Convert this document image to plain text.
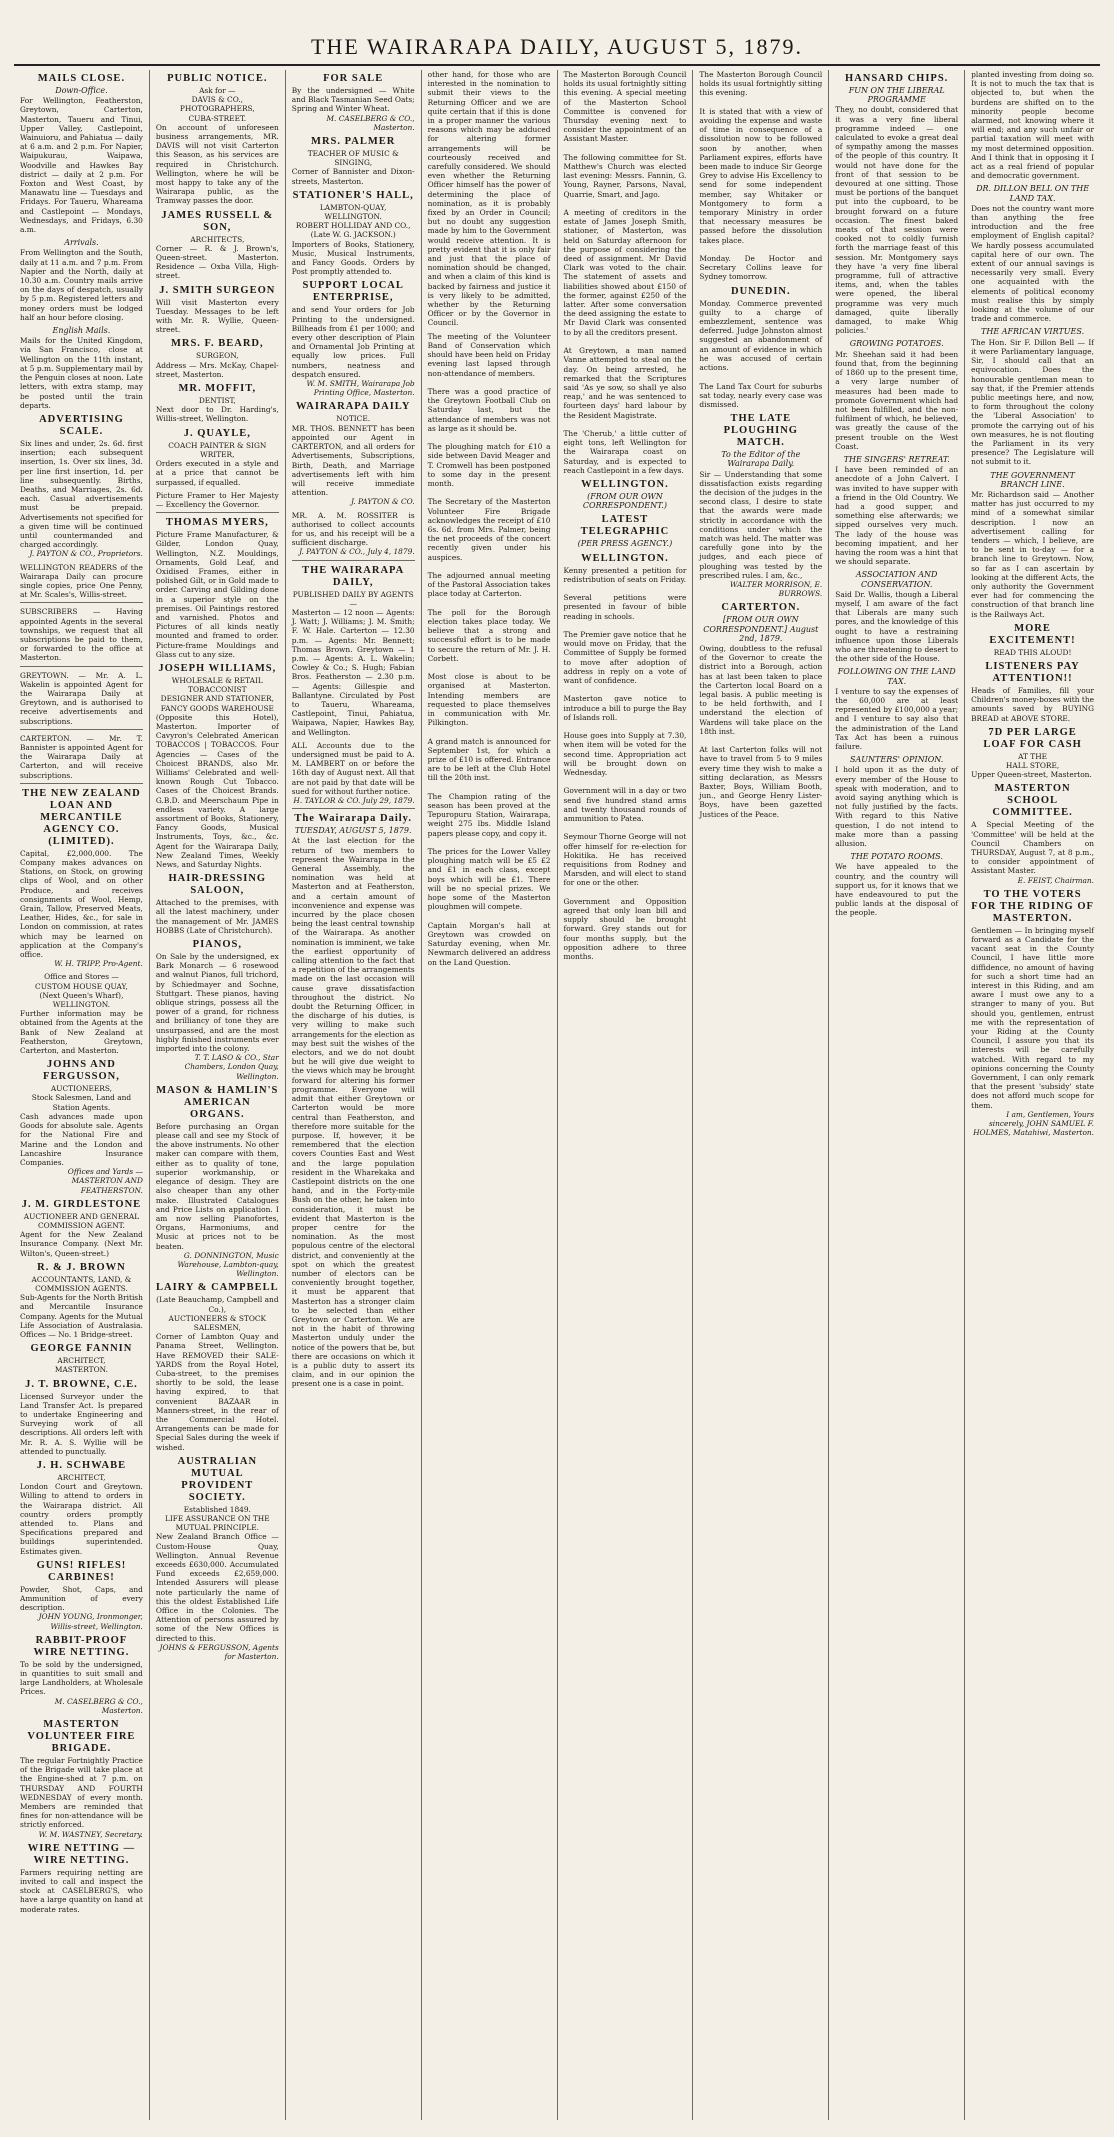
THE WAIRARAPA DAILY, AUGUST 5, 1879.
MAILS CLOSE.
Down-Office.

For Wellington, Featherston, Greytown, Carterton, Masterton, Taueru and Tinui, Upper Valley, Castlepoint, Wainuioru, and Pahiatua — daily at 6 a.m. and 2 p.m. For Napier, Waipukurau, Waipawa, Woodville and Hawkes Bay district — daily at 2 p.m. For Foxton and West Coast, by Manawatu line — Tuesdays and Fridays. For Taueru, Whareama and Castlepoint — Mondays, Wednesdays, and Fridays, 6.30 a.m.

Arrivals.

From Wellington and the South, daily at 11 a.m. and 7 p.m. From Napier and the North, daily at 10.30 a.m. Country mails arrive on the days of despatch, usually by 5 p.m. Registered letters and money orders must be lodged half an hour before closing.

English Mails.

Mails for the United Kingdom, via San Francisco, close at Wellington on the 11th instant, at 5 p.m. Supplementary mail by the Penguin closes at noon. Late letters, with extra stamp, may be posted until the train departs.

ADVERTISING SCALE.

Six lines and under, 2s. 6d. first insertion; each subsequent insertion, 1s. Over six lines, 3d. per line first insertion, 1d. per line subsequently. Births, Deaths, and Marriages, 2s. 6d. each. Casual advertisements must be prepaid. Advertisements not specified for a given time will be continued until countermanded and charged accordingly.

J. PAYTON & CO., Proprietors.

WELLINGTON READERS of the Wairarapa Daily can procure single copies, price One Penny, at Mr. Scales's, Willis-street.

SUBSCRIBERS — Having appointed Agents in the several townships, we request that all subscriptions be paid to them, or forwarded to the office at Masterton.

GREYTOWN. — Mr. A. L. Wakelin is appointed Agent for the Wairarapa Daily at Greytown, and is authorised to receive advertisements and subscriptions.

CARTERTON. — Mr. T. Bannister is appointed Agent for the Wairarapa Daily at Carterton, and will receive subscriptions.

THE NEW ZEALAND LOAN AND MERCANTILE AGENCY CO. (LIMITED).

Capital, £2,000,000. The Company makes advances on Stations, on Stock, on growing clips of Wool, and on other Produce, and receives consignments of Wool, Hemp, Grain, Tallow, Preserved Meats, Leather, Hides, &c., for sale in London on commission, at rates which may be learned on application at the Company's office.

W. H. TRIPP, Pro-Agent.

Office and Stores —
CUSTOM HOUSE QUAY,
(Next Queen's Wharf),
WELLINGTON.

Further information may be obtained from the Agents at the Bank of New Zealand at Featherston, Greytown, Carterton, and Masterton.

JOHNS AND FERGUSSON,

AUCTIONEERS,
Stock Salesmen, Land and Station Agents.

Cash advances made upon Goods for absolute sale. Agents for the National Fire and Marine and the London and Lancashire Insurance Companies.

Offices and Yards — MASTERTON AND FEATHERSTON.

J. M. GIRDLESTONE

AUCTIONEER AND GENERAL COMMISSION AGENT.

Agent for the New Zealand Insurance Company. (Next Mr. Wilton's, Queen-street.)

R. & J. BROWN

ACCOUNTANTS, LAND, & COMMISSION AGENTS.

Sub-Agents for the North British and Mercantile Insurance Company. Agents for the Mutual Life Association of Australasia. Offices — No. 1 Bridge-street.

GEORGE FANNIN

ARCHITECT,
MASTERTON.

J. T. BROWNE, C.E.

Licensed Surveyor under the Land Transfer Act. Is prepared to undertake Engineering and Surveying work of all descriptions. All orders left with Mr. R. A. S. Wyllie will be attended to punctually.

J. H. SCHWABE

ARCHITECT,

London Court and Greytown. Willing to attend to orders in the Wairarapa district. All country orders promptly attended to. Plans and Specifications prepared and buildings superintended. Estimates given.

GUNS! RIFLES! CARBINES!

Powder, Shot, Caps, and Ammunition of every description.

JOHN YOUNG, Ironmonger, Willis-street, Wellington.

RABBIT-PROOF WIRE NETTING.

To be sold by the undersigned, in quantities to suit small and large Landholders, at Wholesale Prices.

M. CASELBERG & CO., Masterton.

MASTERTON VOLUNTEER FIRE BRIGADE.

The regular Fortnightly Practice of the Brigade will take place at the Engine-shed at 7 p.m. on THURSDAY AND FOURTH WEDNESDAY of every month. Members are reminded that fines for non-attendance will be strictly enforced.

W. M. WASTNEY, Secretary.

WIRE NETTING — WIRE NETTING.

Farmers requiring netting are invited to call and inspect the stock at CASELBERG'S, who have a large quantity on hand at moderate rates.

PUBLIC NOTICE.

Ask for —
DAVIS & CO., PHOTOGRAPHERS,
CUBA-STREET.

On account of unforeseen business arrangements, MR. DAVIS will not visit Carterton this Season, as his services are required in Christchurch. Wellington, where he will be most happy to take any of the Wairarapa public, as the Tramway passes the door.

JAMES RUSSELL & SON,

ARCHITECTS,

Corner — R. & J. Brown's, Queen-street. Masterton. Residence — Oxba Villa, High-street.

J. SMITH SURGEON

Will visit Masterton every Tuesday. Messages to be left with Mr. R. Wyllie, Queen-street.

MRS. F. BEARD,

SURGEON,

Address — Mrs. McKay, Chapel-street, Masterton.

MR. MOFFIT,

DENTIST,

Next door to Dr. Harding's, Willis-street, Wellington.

J. QUAYLE,

COACH PAINTER & SIGN WRITER,

Orders executed in a style and at a price that cannot be surpassed, if equalled.

Picture Framer to Her Majesty — Excellency the Governor.

THOMAS MYERS,

Picture Frame Manufacturer, & Gilder, London Quay, Wellington, N.Z. Mouldings, Ornaments, Gold Leaf, and Oxidised Frames, either in polished Gilt, or in Gold made to order. Carving and Gilding done in a superior style on the premises. Oil Paintings restored and varnished. Photos and Pictures of all kinds neatly mounted and framed to order. Picture-frame Mouldings and Glass cut to any size.

JOSEPH WILLIAMS,

WHOLESALE & RETAIL TOBACCONIST
DESIGNER AND STATIONER,
FANCY GOODS WAREHOUSE

(Opposite this Hotel), Masterton. Importer of Cavyron's Celebrated American TOBACCOS | TOBACCOS. Four Agencies — Cases of the Choicest BRANDS, also Mr. Williams' Celebrated and well-known Rough Cut Tobacco. Cases of the Choicest Brands. G.B.D. and Meerschaum Pipe in endless variety. A large assortment of Books, Stationery, Fancy Goods, Musical Instruments, Toys, &c., &c. Agent for the Wairarapa Daily, New Zealand Times, Weekly News, and Saturday Nights.

HAIR-DRESSING SALOON,

Attached to the premises, with all the latest machinery, under the management of Mr. JAMES HOBBS (Late of Christchurch).

PIANOS,

On Sale by the undersigned, ex Bark Monarch — 6 rosewood and walnut Pianos, full trichord, by Schiedmayer and Sochne, Stuttgart. These pianos, having oblique strings, possess all the power of a grand, for richness and brilliancy of tone they are unsurpassed, and are the most highly finished instruments ever imported into the colony.

T. T. LASO & CO., Star Chambers, London Quay, Wellington.

MASON & HAMLIN'S AMERICAN ORGANS.

Before purchasing an Organ please call and see my Stock of the above instruments. No other maker can compare with them, either as to quality of tone, superior workmanship, or elegance of design. They are also cheaper than any other make. Illustrated Catalogues and Price Lists on application. I am now selling Pianofortes, Organs, Harmoniums, and Music at prices not to be beaten.

G. DONNINGTON, Music Warehouse, Lambton-quay, Wellington.

LAIRY & CAMPBELL

(Late Beauchamp, Campbell and Co.),
AUCTIONEERS & STOCK SALESMEN,

Corner of Lambton Quay and Panama Street, Wellington. Have REMOVED their SALE-YARDS from the Royal Hotel, Cuba-street, to the premises shortly to be sold, the lease having expired, to that convenient BAZAAR in Manners-street, in the rear of the Commercial Hotel. Arrangements can be made for Special Sales during the week if wished.

AUSTRALIAN MUTUAL PROVIDENT SOCIETY.

Established 1849.
LIFE ASSURANCE ON THE MUTUAL PRINCIPLE.

New Zealand Branch Office — Custom-House Quay, Wellington. Annual Revenue exceeds £630,000. Accumulated Fund exceeds £2,659,000. Intended Assurers will please note particularly the name of this the oldest Established Life Office in the Colonies. The Attention of persons assured by some of the New Offices is directed to this.

JOHNS & FERGUSSON, Agents for Masterton.

FOR SALE

By the undersigned — White and Black Tasmanian Seed Oats; Spring and Winter Wheat.

M. CASELBERG & CO., Masterton.

MRS. PALMER

TEACHER OF MUSIC & SINGING,

Corner of Bannister and Dixon-streets, Masterton.

STATIONER'S HALL,

LAMBTON-QUAY, WELLINGTON.
ROBERT HOLLIDAY AND CO.,
(Late W. G. JACKSON.)

Importers of Books, Stationery, Music, Musical Instruments, and Fancy Goods. Orders by Post promptly attended to.

SUPPORT LOCAL ENTERPRISE,

and send Your orders for Job Printing to the undersigned. Billheads from £1 per 1000; and every other description of Plain and Ornamental Job Printing at equally low prices. Full numbers, neatness and despatch ensured.

W. M. SMITH, Wairarapa Job Printing Office, Masterton.

WAIRARAPA DAILY

NOTICE.

MR. THOS. BENNETT has been appointed our Agent in CARTERTON, and all orders for Advertisements, Subscriptions, Birth, Death, and Marriage advertisements left with him will receive immediate attention.

J. PAYTON & CO.

MR. A. M. ROSSITER is authorised to collect accounts for us, and his receipt will be a sufficient discharge.

J. PAYTON & CO., July 4, 1879.

THE WAIRARAPA DAILY,

PUBLISHED DAILY BY AGENTS —

Masterton — 12 noon — Agents: J. Watt; J. Williams; J. M. Smith; F. W. Hale. Carterton — 12.30 p.m. — Agents: Mr. Bennett; Thomas Brown. Greytown — 1 p.m. — Agents: A. L. Wakelin; Cowley & Co.; S. Hugh; Fabian Bros. Featherston — 2.30 p.m. — Agents: Gillespie and Ballantyne. Circulated by Post to Taueru, Whareama, Castlepoint, Tinui, Pahiatua, Waipawa, Napier, Hawkes Bay, and Wellington.

ALL Accounts due to the undersigned must be paid to A. M. LAMBERT on or before the 16th day of August next. All that are not paid by that date will be sued for without further notice.

H. TAYLOR & CO. July 29, 1879.

The Wairarapa Daily.
TUESDAY, AUGUST 5, 1879.

At the last election for the return of two members to represent the Wairarapa in the General Assembly, the nomination was held at Masterton and at Featherston, and a certain amount of inconvenience and expense was incurred by the place chosen being the least central township of the Wairarapa. As another nomination is imminent, we take the earliest opportunity of calling attention to the fact that a repetition of the arrangements made on the last occasion will cause grave dissatisfaction throughout the district. No doubt the Returning Officer, in the discharge of his duties, is very willing to make such arrangements for the election as may best suit the wishes of the electors, and we do not doubt but he will give due weight to the views which may be brought forward for altering his former programme. Everyone will admit that either Greytown or Carterton would be more central than Featherston, and therefore more suitable for the purpose. If, however, it be remembered that the election covers Counties East and West and the large population resident in the Wharekaka and Castlepoint districts on the one hand, and in the Forty-mile Bush on the other, he taken into consideration, it must be evident that Masterton is the proper centre for the nomination. As the most populous centre of the electoral district, and conveniently at the spot on which the greatest number of electors can be conveniently brought together, it must be apparent that Masterton has a stronger claim to be selected than either Greytown or Carterton. We are not in the habit of throwing Masterton unduly under the notice of the powers that be, but there are occasions on which it is a public duty to assert its claim, and in our opinion the present one is a case in point.

other hand, for those who are interested in the nomination to submit their views to the Returning Officer and we are quite certain that if this is done in a proper manner the various reasons which may be adduced for altering former arrangements will be courteously received and carefully considered. We should even whether the Returning Officer himself has the power of determining the place of nomination, as it is probably fixed by an Order in Council; but no doubt any suggestion made by him to the Government would receive attention. It is pretty evident that it is only fair and just that the place of nomination should be changed, and when a claim of this kind is backed by fairness and justice it is very likely to be admitted, whether by the Returning Officer or by the Governor in Council.

The meeting of the Volunteer Band of Conservation which should have been held on Friday evening last lapsed through non-attendance of members.

There was a good practice of the Greytown Football Club on Saturday last, but the attendance of members was not as large as it should be.

The ploughing match for £10 a side between David Meager and T. Cromwell has been postponed to some day in the present month.

The Secretary of the Masterton Volunteer Fire Brigade acknowledges the receipt of £10 6s. 6d. from Mrs. Palmer, being the net proceeds of the concert recently given under his auspices.

The adjourned annual meeting of the Pastoral Association takes place today at Carterton.

The poll for the Borough election takes place today. We believe that a strong and successful effort is to be made to secure the return of Mr. J. H. Corbett.

Most close is about to be organised at Masterton. Intending members are requested to place themselves in communication with Mr. Pilkington.

A grand match is announced for September 1st, for which a prize of £10 is offered. Entrance are to be left at the Club Hotel till the 20th inst.

The Champion rating of the season has been proved at the Tepuropuru Station, Wairarapa, weight 275 lbs. Middle Island papers please copy, and copy it.

The prices for the Lower Valley ploughing match will be £5 £2 and £1 in each class, except boys which will be £1. There will be no special prizes. We hope some of the Masterton ploughmen will compete.

Captain Morgan's hall at Greytown was crowded on Saturday evening, when Mr. Newmarch delivered an address on the Land Question.

The Masterton Borough Council holds its usual fortnightly sitting this evening. A special meeting of the Masterton School Committee is convened for Thursday evening next to consider the appointment of an Assistant Master.

The following committee for St. Matthew's Church was elected last evening: Messrs. Fannin, G. Young, Rayner, Parsons, Naval, Quarrie, Smart, and Jago.

A meeting of creditors in the estate of James Joseph Smith, stationer, of Masterton, was held on Saturday afternoon for the purpose of considering the deed of assignment. Mr David Clark was voted to the chair. The statement of assets and liabilities showed about £150 of the former, against £250 of the latter. After some conversation the deed assigning the estate to Mr David Clark was consented to by all the creditors present.

At Greytown, a man named Vanne attempted to steal on the day. On being arrested, he remarked that the Scriptures said 'As ye sow, so shall ye also reap,' and he was sentenced to fourteen days' hard labour by the Resident Magistrate.

The 'Cherub,' a little cutter of eight tons, left Wellington for the Wairarapa coast on Saturday, and is expected to reach Castlepoint in a few days.

WELLINGTON.
(FROM OUR OWN CORRESPONDENT.)
LATEST TELEGRAPHIC
(PER PRESS AGENCY.)
WELLINGTON.

Kenny presented a petition for redistribution of seats on Friday.

Several petitions were presented in favour of bible reading in schools.

The Premier gave notice that he would move on Friday, that the Committee of Supply be formed to move after adoption of address in reply on a vote of want of confidence.

Masterton gave notice to introduce a bill to purge the Bay of Islands roll.

House goes into Supply at 7.30, when item will be voted for the second time. Appropriation act will be brought down on Wednesday.

Government will in a day or two send five hundred stand arms and twenty thousand rounds of ammunition to Patea.

Seymour Thorne George will not offer himself for re-election for Hokitika. He has received requisitions from Rodney and Marsden, and will elect to stand for one or the other.

Government and Opposition agreed that only loan bill and supply should be brought forward. Grey stands out for four months supply, but the opposition adhere to three months.

The Masterton Borough Council holds its usual fortnightly sitting this evening.

It is stated that with a view of avoiding the expense and waste of time in consequence of a dissolution now to be followed soon by another, when Parliament expires, efforts have been made to induce Sir George Grey to advise His Excellency to send for some independent member, say Whitaker or Montgomery to form a temporary Ministry in order that necessary measures be passed before the dissolution takes place.

Monday. De Hoctor and Secretary Collins leave for Sydney tomorrow.

DUNEDIN.

Monday. Commerce prevented guilty to a charge of embezzlement, sentence was deferred. Judge Johnston almost suggested an abandonment of an amount of evidence in which he was accused of certain actions.

The Land Tax Court for suburbs sat today, nearly every case was dismissed.

THE LATE PLOUGHING MATCH.
To the Editor of the Wairarapa Daily.

Sir — Understanding that some dissatisfaction exists regarding the decision of the judges in the second class, I desire to state that the awards were made strictly in accordance with the conditions under which the match was held. The matter was carefully gone into by the judges, and each piece of ploughing was tested by the prescribed rules. I am, &c.,

WALTER MORRISON, E. BURROWS.

CARTERTON.
[FROM OUR OWN CORRESPONDENT.] August 2nd, 1879.

Owing, doubtless to the refusal of the Governor to create the district into a Borough, action has at last been taken to place the Carterton local Board on a legal basis. A public meeting is to be held forthwith, and I understand the election of Wardens will take place on the 18th inst.

At last Carterton folks will not have to travel from 5 to 9 miles every time they wish to make a sitting declaration, as Messrs Baxter, Boys, William Booth, jun., and George Henry Lister-Boys, have been gazetted Justices of the Peace.

HANSARD CHIPS.
FUN ON THE LIBERAL PROGRAMME

They, no doubt, considered that it was a very fine liberal programme indeed — one calculated to evoke a great deal of sympathy among the masses of the people of this country. It would not have done for the front of that session to be devoured at one sitting. Those must be portions of the banquet put into the cupboard, to be brought forward on a future occasion. The finest baked meats of that session were cooked not to coldly furnish forth the marriage feast of this session. Mr. Montgomery says they have 'a very fine liberal programme, full of attractive items, and, when the tables were opened, the liberal programme was very much damaged, quite liberally damaged, to make Whig policies.'

GROWING POTATOES.

Mr. Sheehan said it had been found that, from the beginning of 1860 up to the present time, a very large number of measures had been made to promote Government which had not been fulfilled, and the non-fulfilment of which, he believed, was greatly the cause of the present trouble on the West Coast.

THE SINGERS' RETREAT.

I have been reminded of an anecdote of a John Calvert. I was invited to have supper with a friend in the Old Country. We had a good supper, and something else afterwards; we sipped ourselves very much. The lady of the house was becoming impatient, and her having the room was a hint that we should separate.

ASSOCIATION AND CONSERVATION.

Said Dr. Wallis, though a Liberal myself, I am aware of the fact that Liberals are many such pores, and the knowledge of this ought to have a restraining influence upon those Liberals who are threatening to desert to the other side of the House.

FOLLOWING ON THE LAND TAX.

I venture to say the expenses of the 60,000 are at least represented by £100,000 a year; and I venture to say also that the administration of the Land Tax Act has been a ruinous failure.

SAUNTERS' OPINION.

I hold upon it as the duty of every member of the House to speak with moderation, and to avoid saying anything which is not fully justified by the facts. With regard to this Native question, I do not intend to make more than a passing allusion.

THE POTATO ROOMS.

We have appealed to the country, and the country will support us, for it knows that we have endeavoured to put the public lands at the disposal of the people.

planted investing from doing so. It is not to much the tax that is objected to, but when the burdens are shifted on to the minority people become alarmed, not knowing where it will end; and any such unfair or partial taxation will meet with my most determined opposition. And I think that in opposing it I act as a real friend of popular and democratic government.

DR. DILLON BELL ON THE LAND TAX.

Does not the country want more than anything the free introduction and the free employment of English capital? We hardly possess accumulated capital here of our own. The extent of our annual savings is necessarily very small. Every one acquainted with the elements of political economy must realise this by simply looking at the volume of our trade and commerce.

THE AFRICAN VIRTUES.

The Hon. Sir F. Dillon Bell — If it were Parliamentary language, Sir, I should call that an equivocation. Does the honourable gentleman mean to say that, if the Premier attends public meetings here, and now, to form throughout the colony the 'Liberal Association' to promote the carrying out of his own measures, he is not flouting the Parliament in its very presence? The Legislature will not submit to it.

THE GOVERNMENT BRANCH LINE.

Mr. Richardson said — Another matter has just occurred to my mind of a somewhat similar description. I now an advertisement calling for tenders — which, I believe, are to be sent in to-day — for a branch line to Greytown. Now, so far as I can ascertain by looking at the different Acts, the only authority the Government ever had for commencing the construction of that branch line is the Railways Act.

MORE EXCITEMENT!

READ THIS ALOUD!

LISTENERS PAY ATTENTION!!

Heads of Families, fill your Children's money-boxes with the amounts saved by BUYING BREAD at ABOVE STORE.

7D PER LARGE LOAF FOR CASH

AT THE
HALL STORE,

Upper Queen-street, Masterton.

MASTERTON SCHOOL COMMITTEE.

A Special Meeting of the 'Committee' will be held at the Council Chambers on THURSDAY, August 7, at 8 p.m., to consider appointment of Assistant Master.

E. FEIST, Chairman.

TO THE VOTERS FOR THE RIDING OF MASTERTON.

Gentlemen — In bringing myself forward as a Candidate for the vacant seat in the County Council, I have little more diffidence, no amount of having for such a short time had an interest in this Riding, and am aware I must owe any to a stranger to many of you. But should you, gentlemen, entrust me with the representation of your Riding at the County Council, I assure you that its interests will be carefully watched. With regard to my opinions concerning the County Government, I can only remark that the present 'subsidy' state does not afford much scope for them.

I am, Gentlemen, Yours sincerely, JOHN SAMUEL F. HOLMES, Matahiwi, Masterton.
